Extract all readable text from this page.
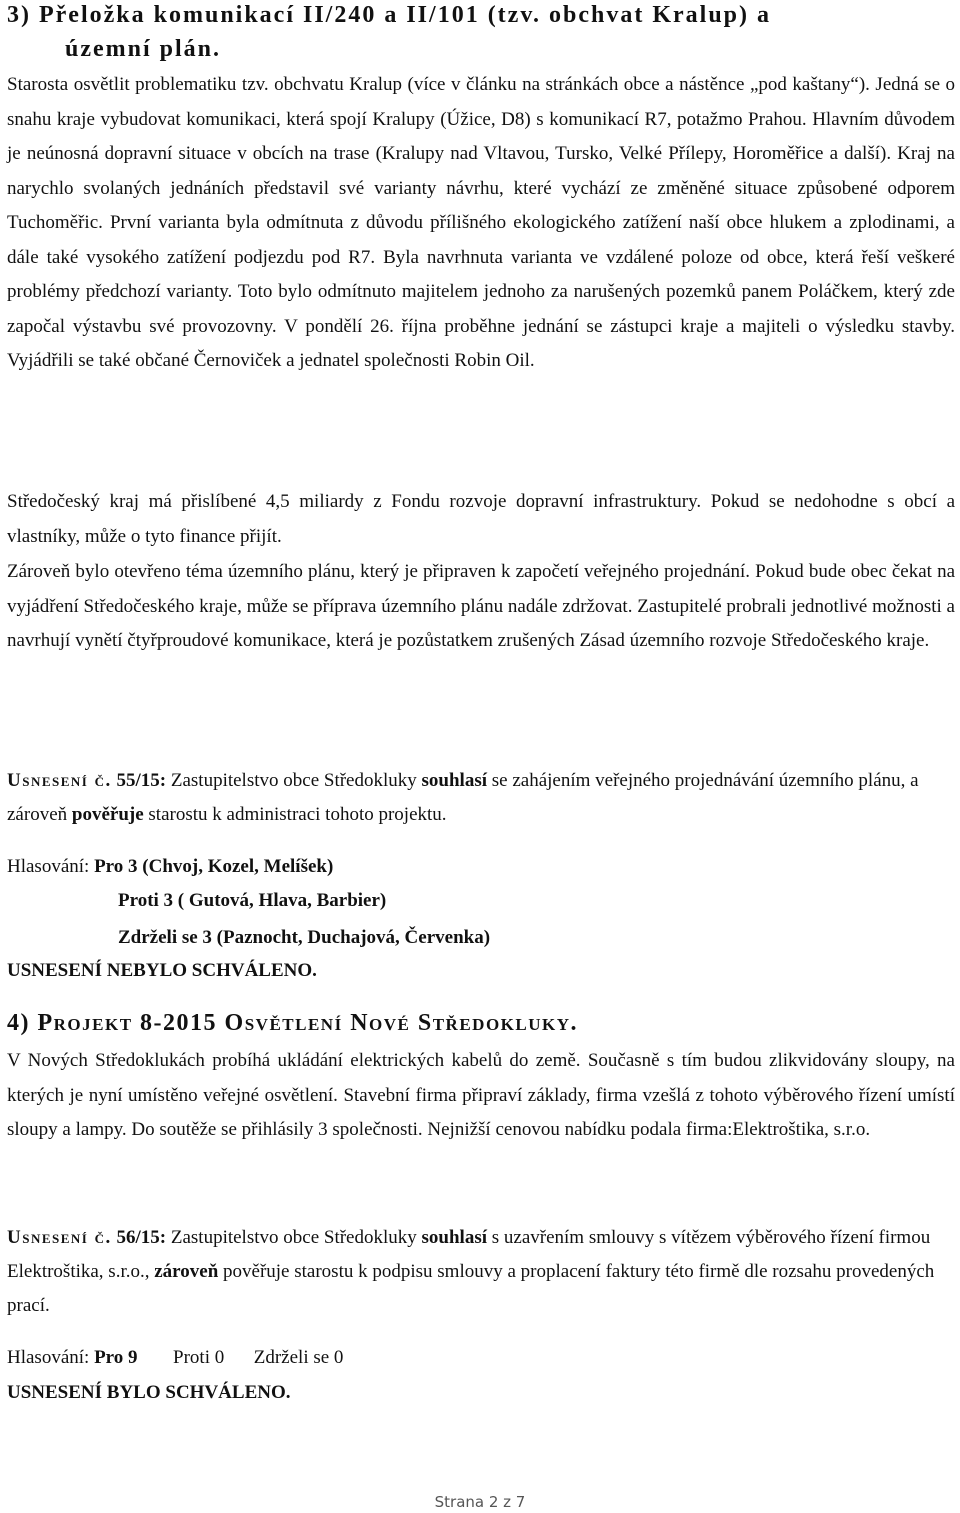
3) Přeložka komunikací II/240 a II/101 (tzv. obchvat Kralup) a
územní plán.

Starosta osvětlit problematiku tzv. obchvatu Kralup (více v článku na stránkách obce a nástěnce „pod kaštany“). Jedná se o snahu kraje vybudovat komunikaci, která spojí Kralupy (Úžice, D8) s komunikací R7, potažmo Prahou. Hlavním důvodem je neúnosná dopravní situace v obcích na trase (Kralupy nad Vltavou, Tursko, Velké Přílepy, Horoměřice a další). Kraj na narychlo svolaných jednáních představil své varianty návrhu, které vychází ze změněné situace způsobené odporem Tuchoměřic. První varianta byla odmítnuta z důvodu přílišného ekologického zatížení naší obce hlukem a zplodinami, a dále také vysokého zatížení podjezdu pod R7. Byla navrhnuta varianta ve vzdálené poloze od obce, která řeší veškeré problémy předchozí varianty. Toto bylo odmítnuto majitelem jednoho za narušených pozemků panem Poláčkem, který zde započal výstavbu své provozovny. V pondělí 26. října proběhne jednání se zástupci kraje a majiteli o výsledku stavby. Vyjádřili se také občané Černoviček a jednatel společnosti Robin Oil.

Středočeský kraj má přislíbené 4,5 miliardy z Fondu rozvoje dopravní infrastruktury. Pokud se nedohodne s obcí a vlastníky, může o tyto finance přijít.

Zároveň bylo otevřeno téma územního plánu, který je připraven k započetí veřejného projednání. Pokud bude obec čekat na vyjádření Středočeského kraje, může se příprava územního plánu nadále zdržovat. Zastupitelé probrali jednotlivé možnosti a navrhují vynětí čtyřproudové komunikace, která je pozůstatkem zrušených Zásad územního rozvoje Středočeského kraje.

Usnesení č. 55/15: Zastupitelstvo obce Středokluky souhlasí se zahájením veřejného projednávání územního plánu, a zároveň pověřuje starostu k administraci tohoto projektu.

Hlasování: Pro 3 (Chvoj, Kozel, Melíšek)
Proti 3 ( Gutová, Hlava, Barbier)
Zdrželi se 3 (Paznocht, Duchajová, Červenka)
USNESENÍ NEBYLO SCHVÁLENO.
4) Projekt 8-2015 Osvětlení Nové Středokluky.

V Nových Středoklukách probíhá ukládání elektrických kabelů do země. Současně s tím budou zlikvidovány sloupy, na kterých je nyní umístěno veřejné osvětlení. Stavební firma připraví základy, firma vzešlá z tohoto výběrového řízení umístí sloupy a lampy. Do soutěže se přihlásily 3 společnosti. Nejnižší cenovou nabídku podala firma:Elektroštika, s.r.o.

Usnesení č. 56/15: Zastupitelstvo obce Středokluky souhlasí s uzavřením smlouvy s vítězem výběrového řízení firmou Elektroštika, s.r.o., zároveň pověřuje starostu k podpisu smlouvy a proplacení faktury této firmě dle rozsahu provedených prací.

Hlasování: Pro 9 Proti 0 Zdrželi se 0
USNESENÍ BYLO SCHVÁLENO.
Strana 2 z 7
